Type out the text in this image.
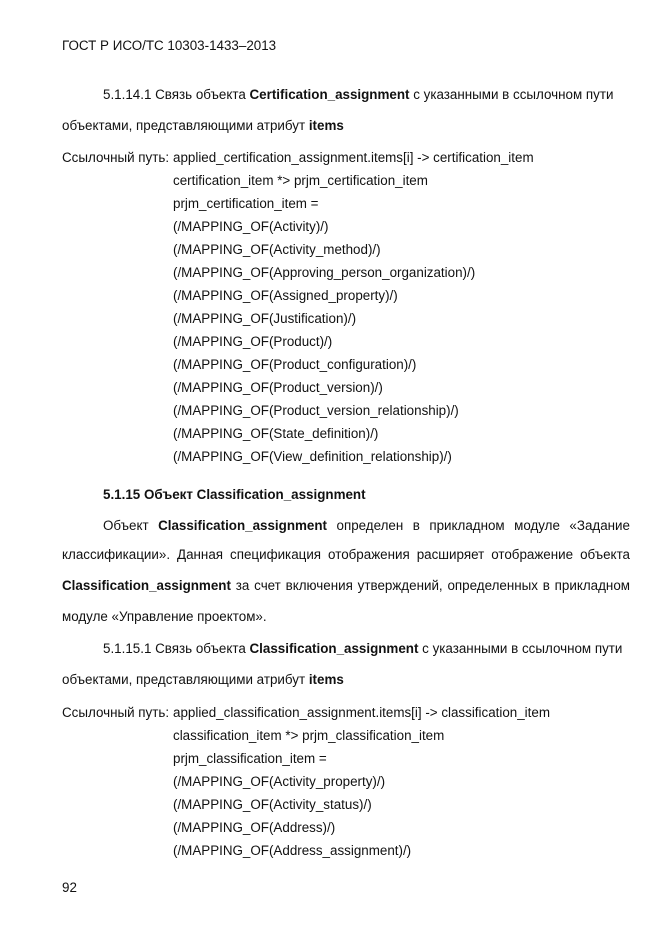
ГОСТ Р ИСО/ТС 10303-1433–2013
5.1.14.1 Связь объекта Certification_assignment с указанными в ссылочном пути
объектами, представляющими атрибут items
Ссылочный путь: applied_certification_assignment.items[i] -> certification_item
certification_item *> prjm_certification_item
prjm_certification_item =
(/MAPPING_OF(Activity)/)
(/MAPPING_OF(Activity_method)/)
(/MAPPING_OF(Approving_person_organization)/)
(/MAPPING_OF(Assigned_property)/)
(/MAPPING_OF(Justification)/)
(/MAPPING_OF(Product)/)
(/MAPPING_OF(Product_configuration)/)
(/MAPPING_OF(Product_version)/)
(/MAPPING_OF(Product_version_relationship)/)
(/MAPPING_OF(State_definition)/)
(/MAPPING_OF(View_definition_relationship)/)
5.1.15 Объект Classification_assignment
Объект Classification_assignment определен в прикладном модуле «Задание
классификации». Данная спецификация отображения расширяет отображение объекта
Classification_assignment за счет включения утверждений, определенных в прикладном
модуле «Управление проектом».
5.1.15.1 Связь объекта Classification_assignment с указанными в ссылочном пути
объектами, представляющими атрибут items
Ссылочный путь: applied_classification_assignment.items[i] -> classification_item
classification_item *> prjm_classification_item
prjm_classification_item =
(/MAPPING_OF(Activity_property)/)
(/MAPPING_OF(Activity_status)/)
(/MAPPING_OF(Address)/)
(/MAPPING_OF(Address_assignment)/)
92
